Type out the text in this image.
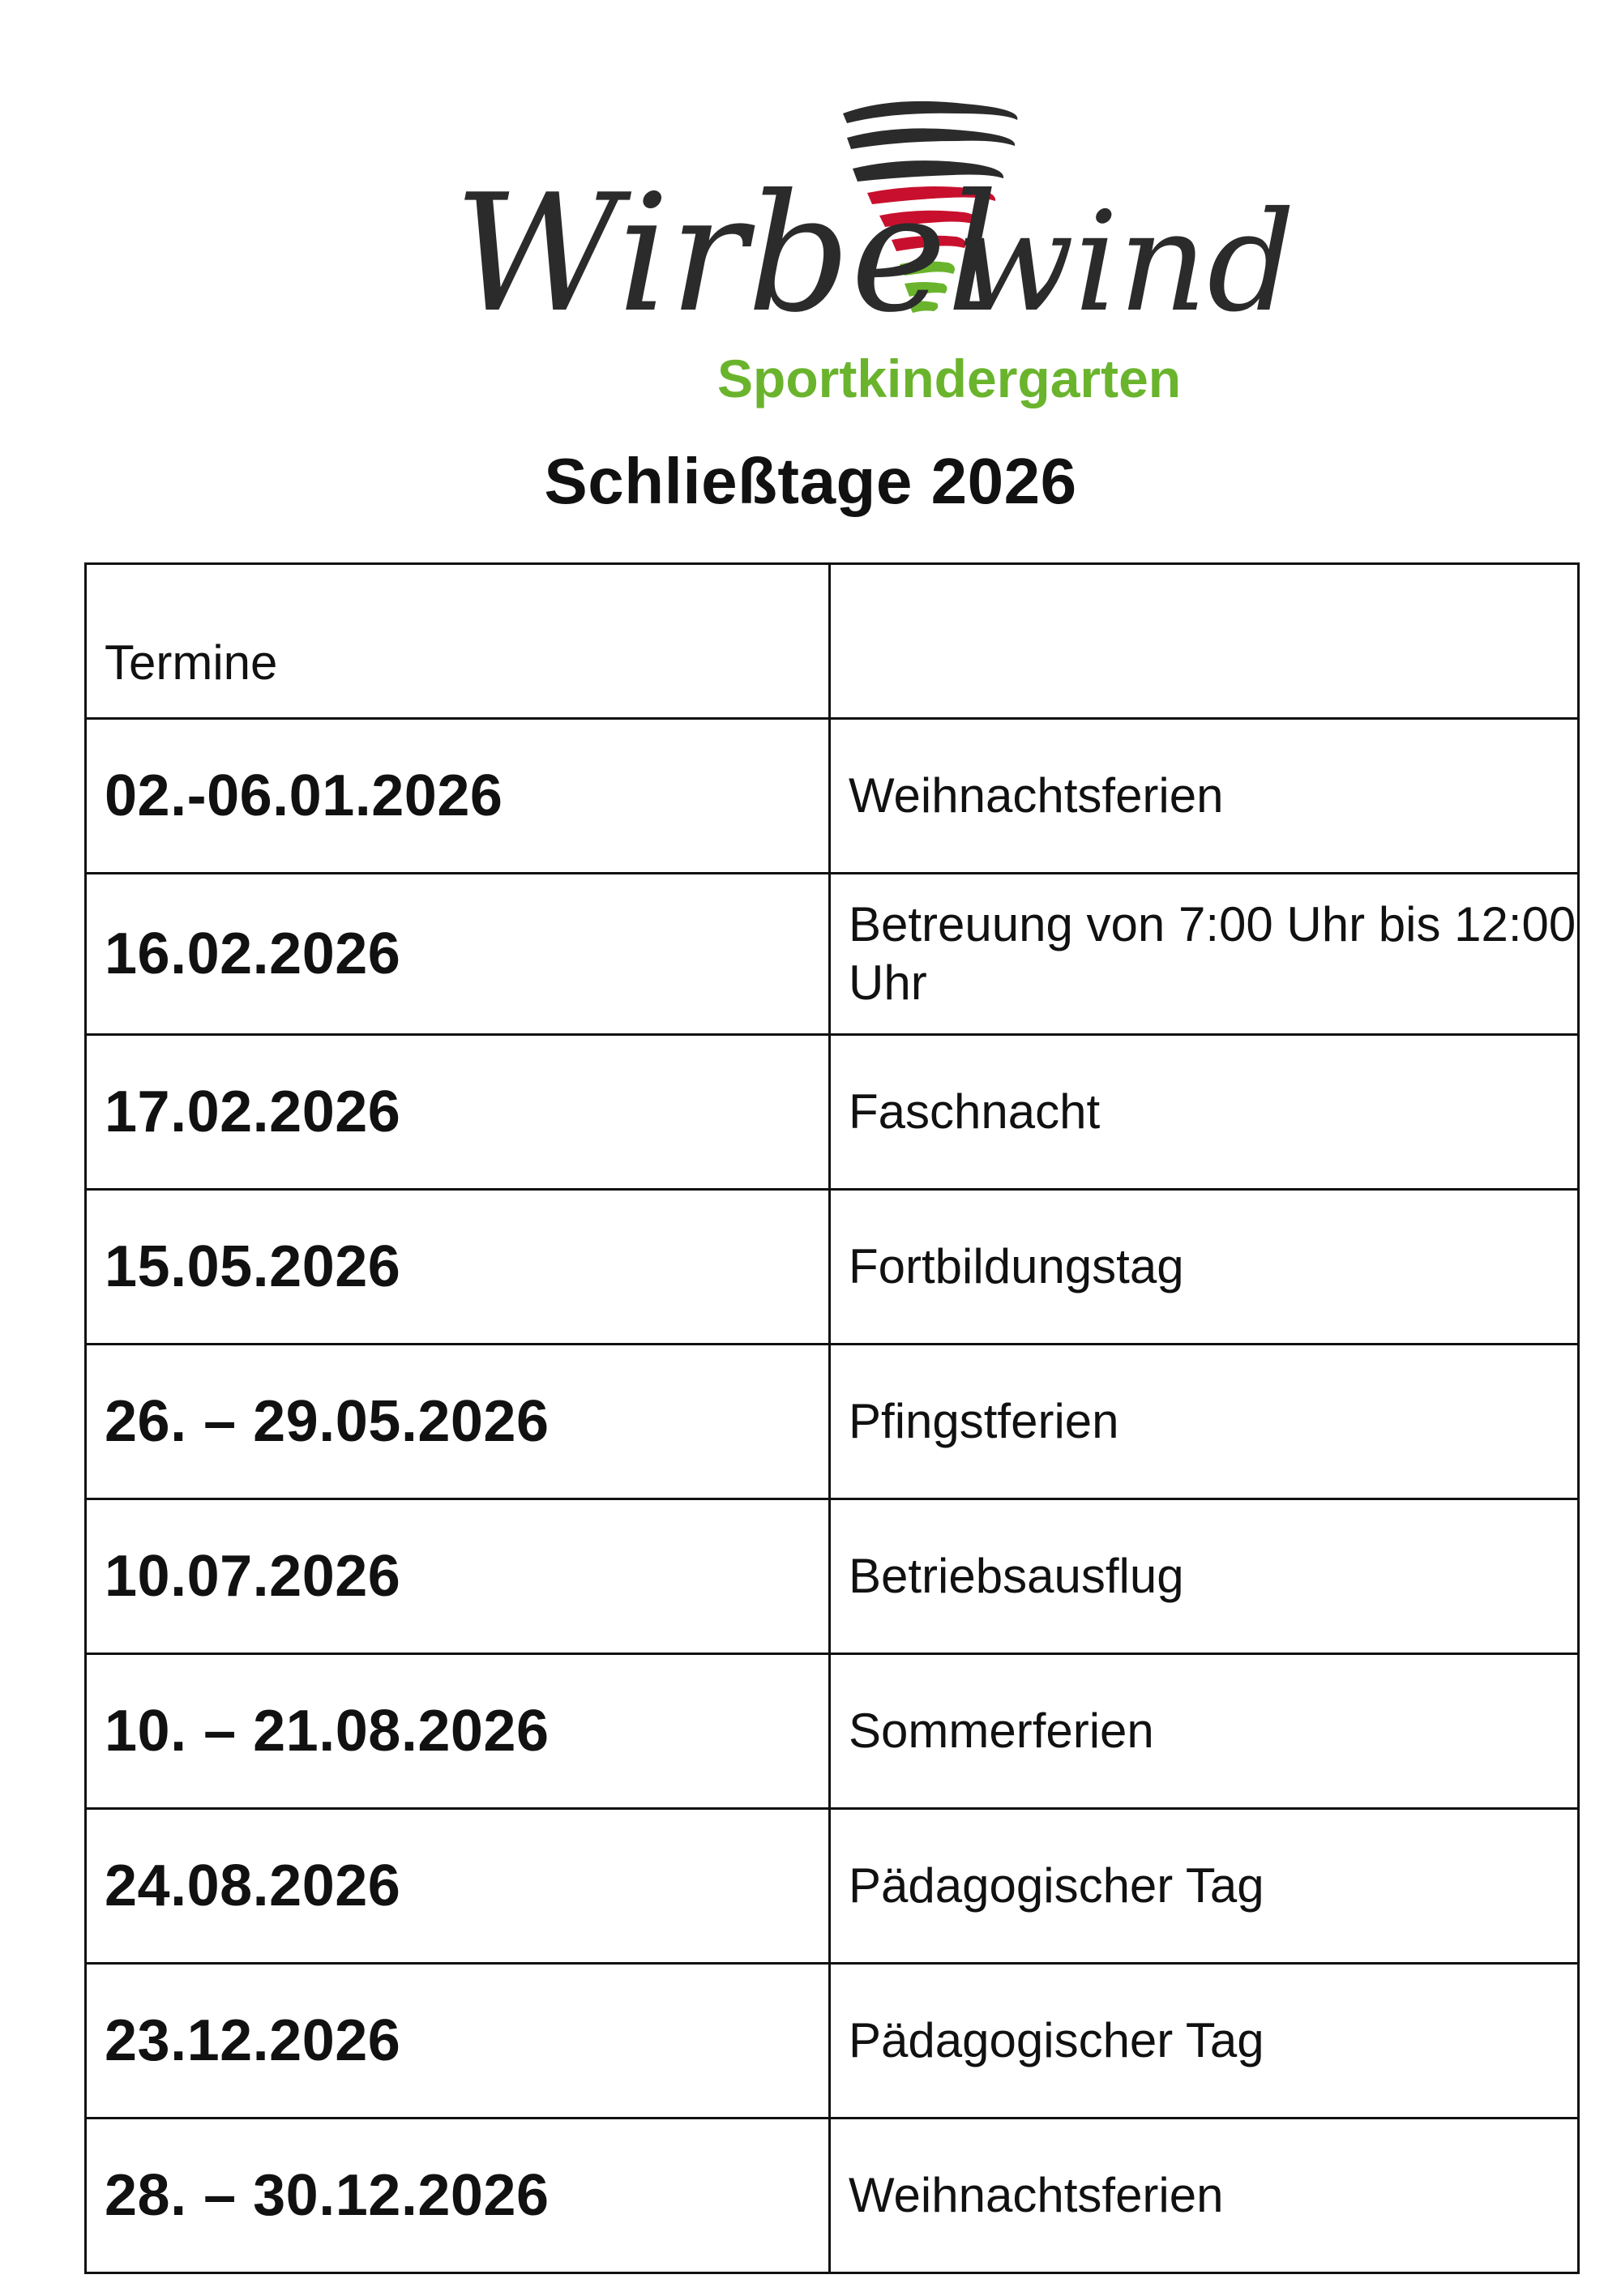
Wirbel
wind
Sportkindergarten
Schließtage 2026
Termine	

02.-06.01.2026	Weihnachtsferien
16.02.2026	Betreuung von 7:00 Uhr bis 12:00 Uhr
17.02.2026	Faschnacht
15.05.2026	Fortbildungstag
26. – 29.05.2026	Pfingstferien
10.07.2026	Betriebsausflug
10. – 21.08.2026	Sommerferien
24.08.2026	Pädagogischer Tag
23.12.2026	Pädagogischer Tag
28. – 30.12.2026	Weihnachtsferien
